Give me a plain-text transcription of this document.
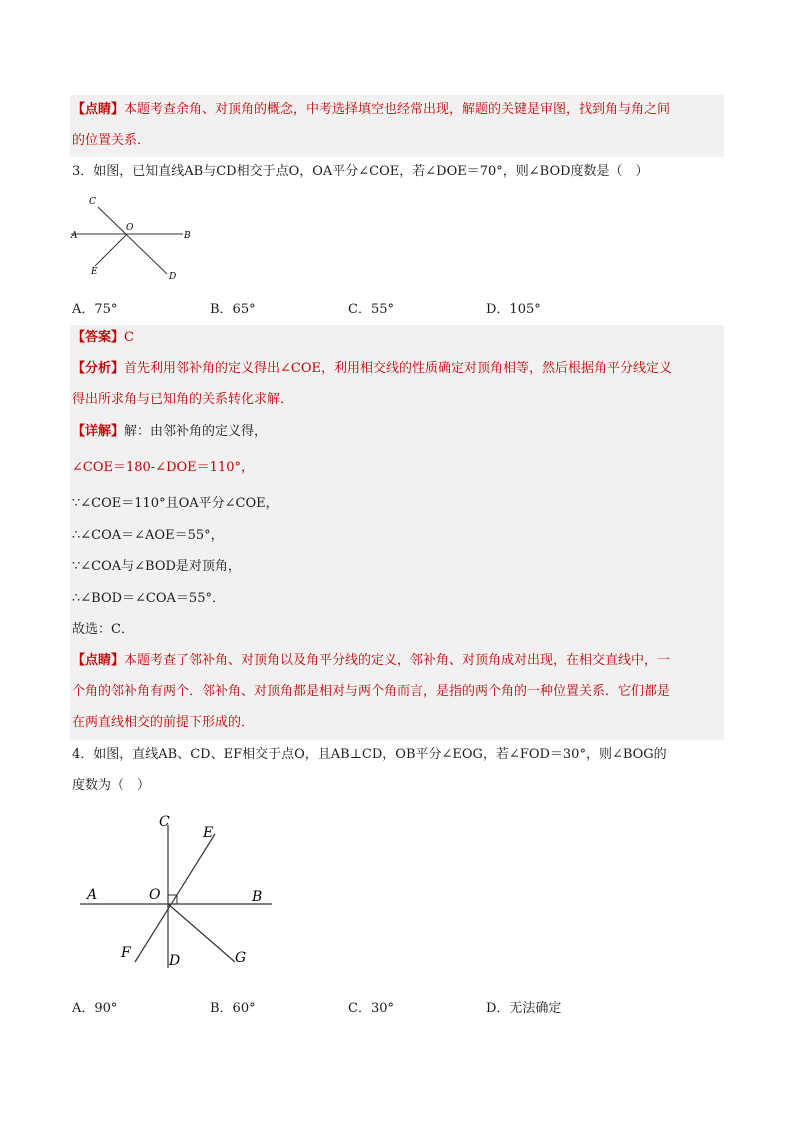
【点睛】本题考查余角、对顶角的概念，中考选择填空也经常出现，解题的关键是审图，找到角与角之间
的位置关系．
3．如图，已知直线AB与CD相交于点O，OA平分∠COE，若∠DOE＝70°，则∠BOD度数是（　）
C
O
A	B
E	D
A．75°	B．65°	C．55°	D．105°
【答案】C
【分析】首先利用邻补角的定义得出∠COE，利用相交线的性质确定对顶角相等，然后根据角平分线定义
得出所求角与已知角的关系转化求解．
【详解】解：由邻补角的定义得，
∠COE＝180-∠DOE＝110°，
∵∠COE＝110°且OA平分∠COE，
∴∠COA＝∠AOE＝55°，
∵∠COA与∠BOD是对顶角，
∴∠BOD＝∠COA＝55°．
故选：C．
【点睛】本题考查了邻补角、对顶角以及角平分线的定义，邻补角、对顶角成对出现，在相交直线中，一
个角的邻补角有两个．邻补角、对顶角都是相对与两个角而言，是指的两个角的一种位置关系．它们都是
在两直线相交的前提下形成的．
4．如图，直线AB、CD、EF相交于点O，且AB⊥CD，OB平分∠EOG，若∠FOD＝30°，则∠BOG的
度数为（　）
C
E
A	O	B
F	D	G
A．90°	B．60°	C．30°	D．无法确定
